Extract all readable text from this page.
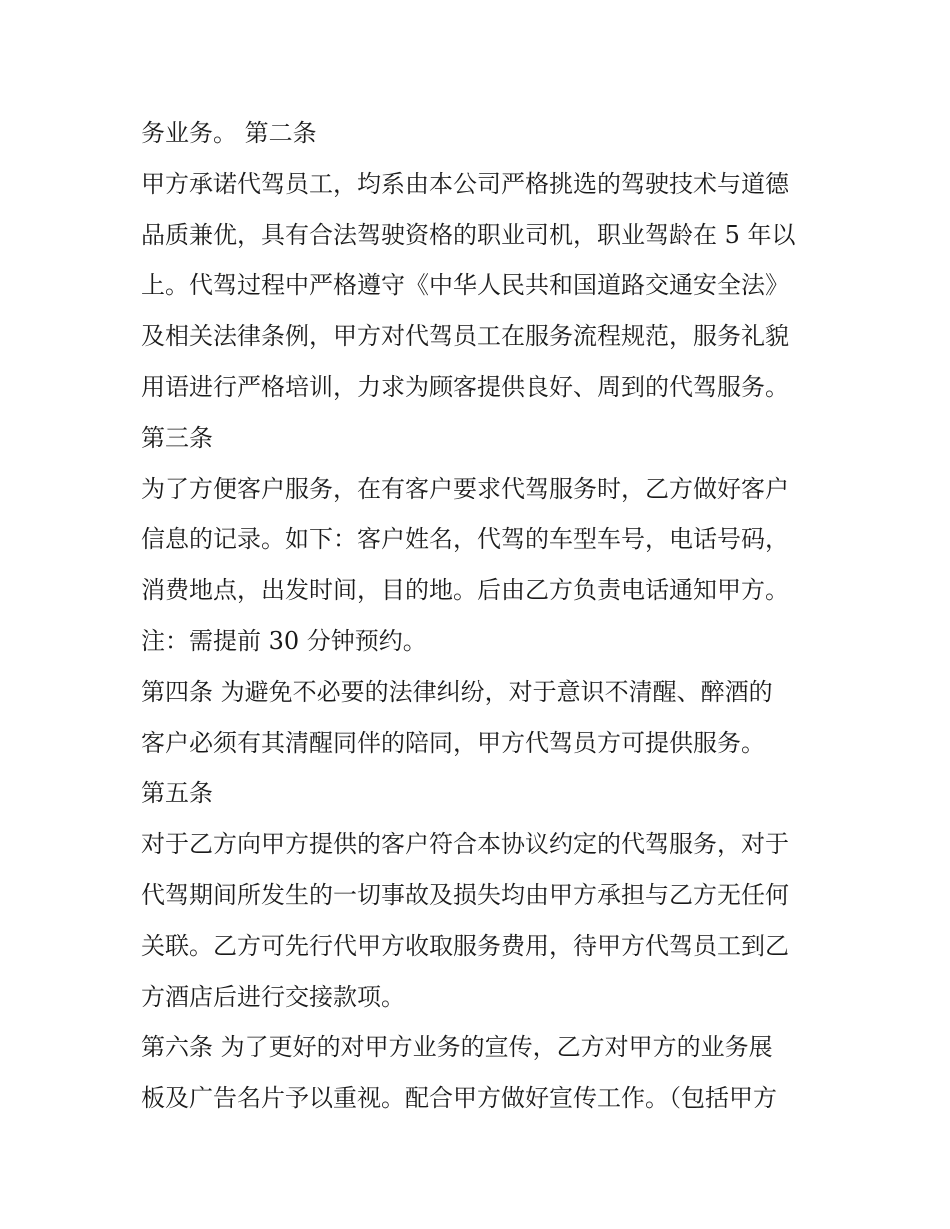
务业务。 第二条
甲方承诺代驾员工，均系由本公司严格挑选的驾驶技术与道德
品质兼优，具有合法驾驶资格的职业司机，职业驾龄在 5 年以
上。代驾过程中严格遵守《中华人民共和国道路交通安全法》
及相关法律条例，甲方对代驾员工在服务流程规范，服务礼貌
用语进行严格培训，力求为顾客提供良好、周到的代驾服务。
第三条
为了方便客户服务，在有客户要求代驾服务时，乙方做好客户
信息的记录。如下：客户姓名，代驾的车型车号，电话号码，
消费地点，出发时间，目的地。后由乙方负责电话通知甲方。
注：需提前 30 分钟预约。
第四条 为避免不必要的法律纠纷，对于意识不清醒、醉酒的
客户必须有其清醒同伴的陪同，甲方代驾员方可提供服务。
第五条
对于乙方向甲方提供的客户符合本协议约定的代驾服务，对于
代驾期间所发生的一切事故及损失均由甲方承担与乙方无任何
关联。乙方可先行代甲方收取服务费用，待甲方代驾员工到乙
方酒店后进行交接款项。
第六条 为了更好的对甲方业务的宣传，乙方对甲方的业务展
板及广告名片予以重视。配合甲方做好宣传工作。（包括甲方
